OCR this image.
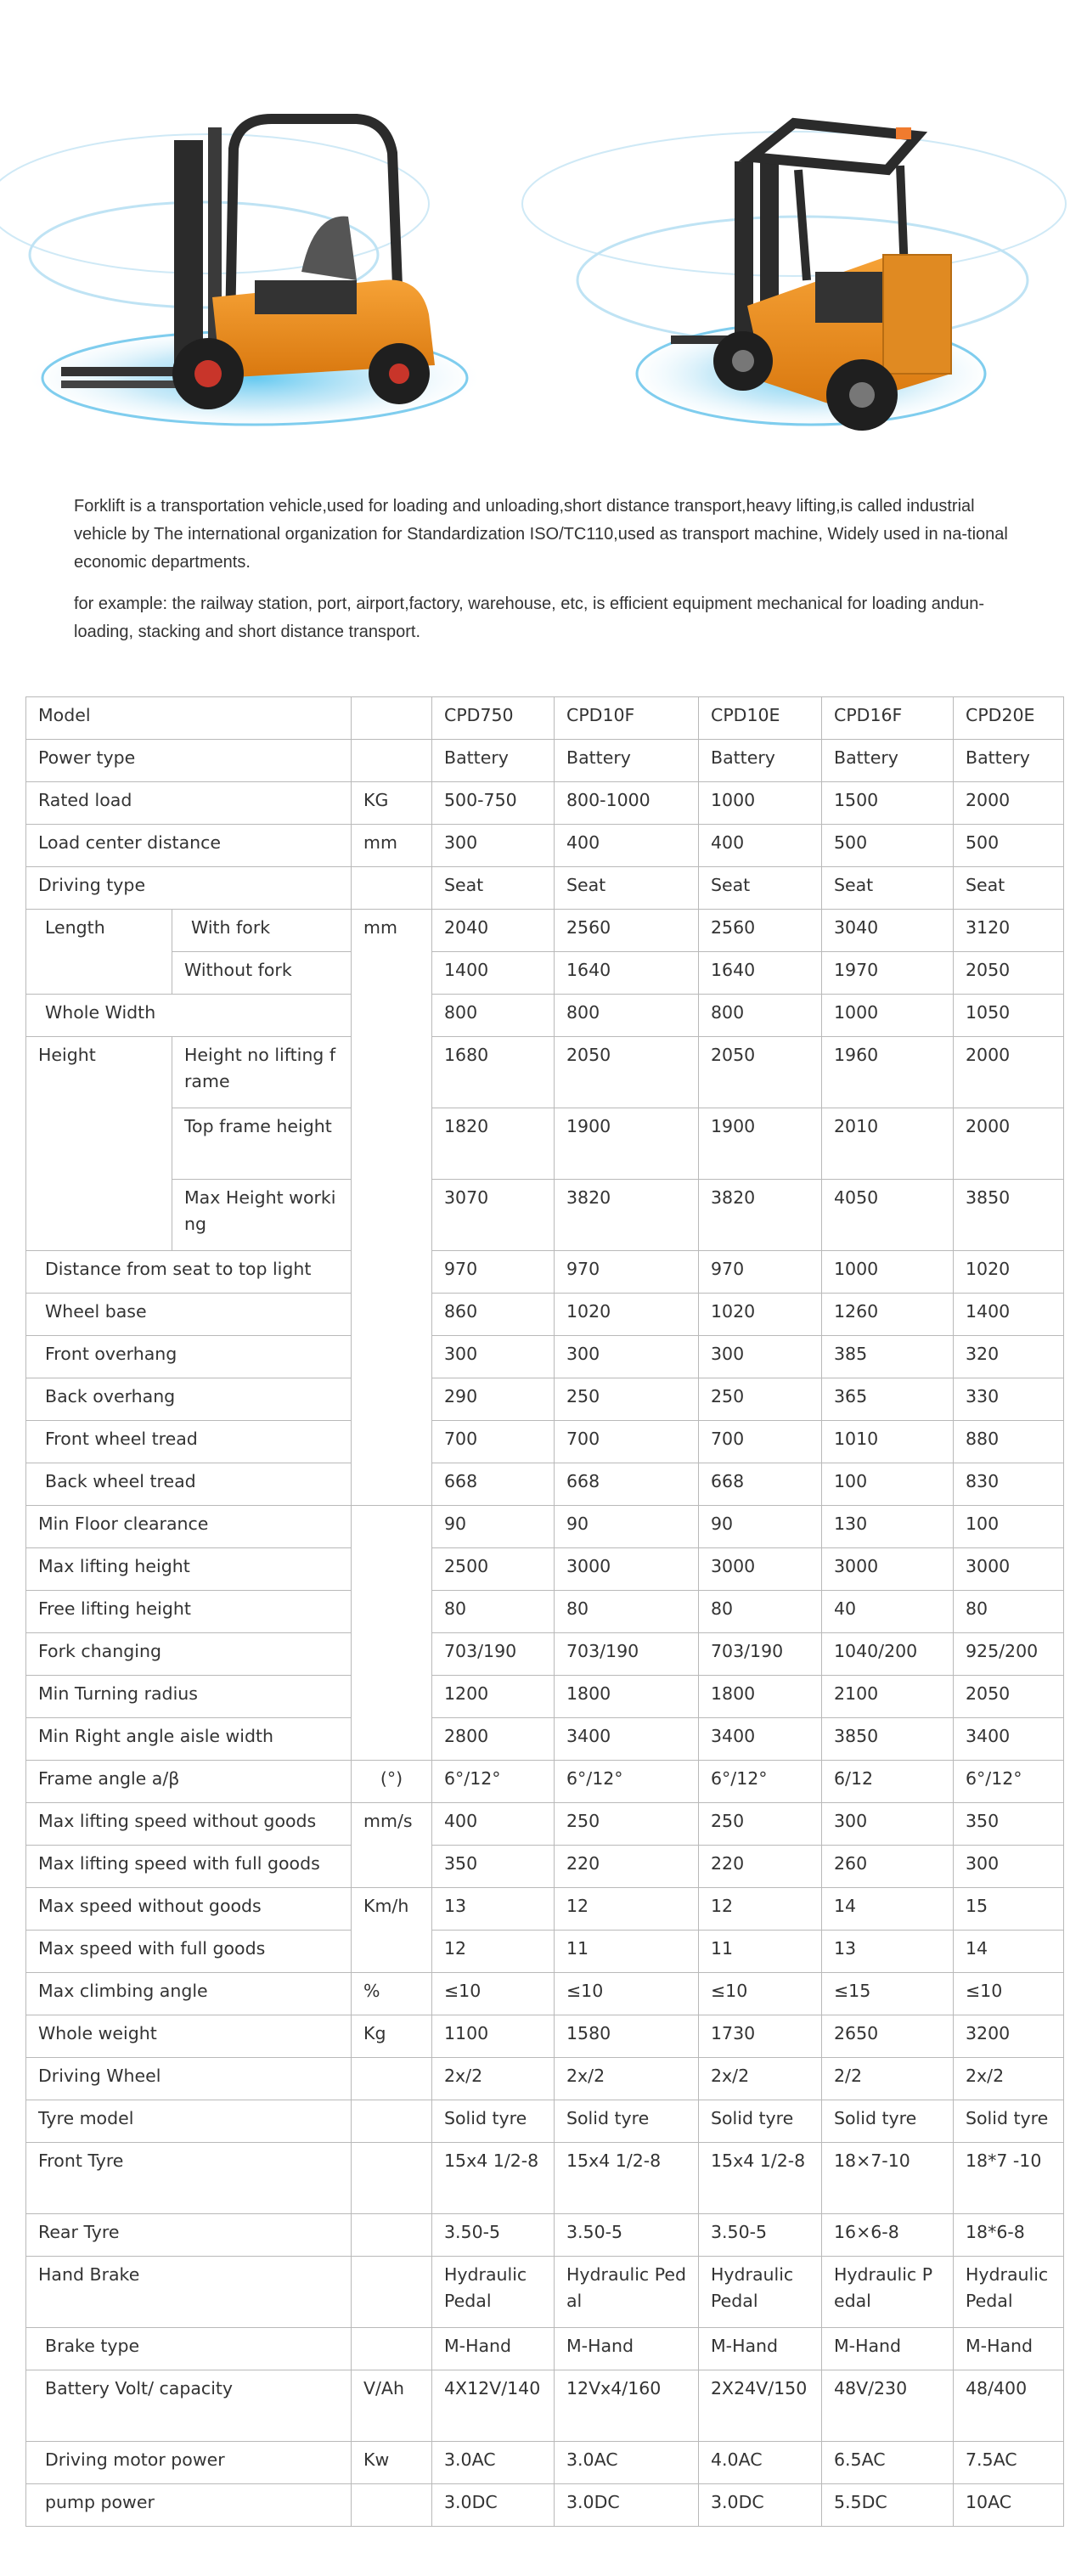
Forklift is a transportation vehicle,used for loading and unloading,short distance transport,heavy lifting,is called industrial vehicle by The international organization for Standardization ISO/TC110,used as transport machine, Widely used in na-tional economic departments.

for example: the railway station, port, airport,factory, warehouse, etc, is efficient equipment mechanical for loading andun-loading, stacking and short distance transport.

Model			CPD750	CPD10F	CPD10E	CPD16F	CPD20E
Power type			Battery	Battery	Battery	Battery	Battery
Rated load		KG	500-750	800-1000	1000	1500	2000
Load center distance		mm	300	400	400	500	500
Driving type			Seat	Seat	Seat	Seat	Seat
Length	With fork	mm	2040	2560	2560	3040	3120
	Without fork		1400	1640	1640	1970	2050
Whole Width			800	800	800	1000	1050
Height	Height no lifting frame		1680	2050	2050	1960	2000
	Top frame height		1820	1900	1900	2010	2000
	Max Height working		3070	3820	3820	4050	3850
Distance from seat to top light			970	970	970	1000	1020
Wheel base			860	1020	1020	1260	1400
Front overhang			300	300	300	385	320
Back overhang			290	250	250	365	330
Front wheel tread			700	700	700	1010	880
Back wheel tread			668	668	668	100	830
Min Floor clearance			90	90	90	130	100
Max lifting height			2500	3000	3000	3000	3000
Free lifting height			80	80	80	40	80
Fork changing			703/190	703/190	703/190	1040/200	925/200
Min Turning radius			1200	1800	1800	2100	2050
Min Right angle aisle width			2800	3400	3400	3850	3400
Frame angle a/β		(°)	6°/12°	6°/12°	6°/12°	6/12	6°/12°
Max lifting speed without goods		mm/s	400	250	250	300	350
Max lifting speed with full goods			350	220	220	260	300
Max speed without goods		Km/h	13	12	12	14	15
Max speed with full goods			12	11	11	13	14
Max climbing angle		%	≤10	≤10	≤10	≤15	≤10
Whole weight		Kg	1100	1580	1730	2650	3200
Driving Wheel			2x/2	2x/2	2x/2	2/2	2x/2
Tyre model			Solid tyre	Solid tyre	Solid tyre	Solid tyre	Solid tyre
Front Tyre			15x4 1/2-8	15x4 1/2-8	15x4 1/2-8	18×7-10	18*7 -10
Rear Tyre			3.50-5	3.50-5	3.50-5	16×6-8	18*6-8
Hand Brake			Hydraulic Pedal	Hydraulic Pedal	Hydraulic Pedal	Hydraulic Pedal	Hydraulic Pedal
Brake type			M-Hand	M-Hand	M-Hand	M-Hand	M-Hand
Battery Volt/ capacity		V/Ah	4X12V/140	12Vx4/160	2X24V/150	48V/230	48/400
Driving motor power		Kw	3.0AC	3.0AC	4.0AC	6.5AC	7.5AC
pump power			3.0DC	3.0DC	3.0DC	5.5DC	10AC
